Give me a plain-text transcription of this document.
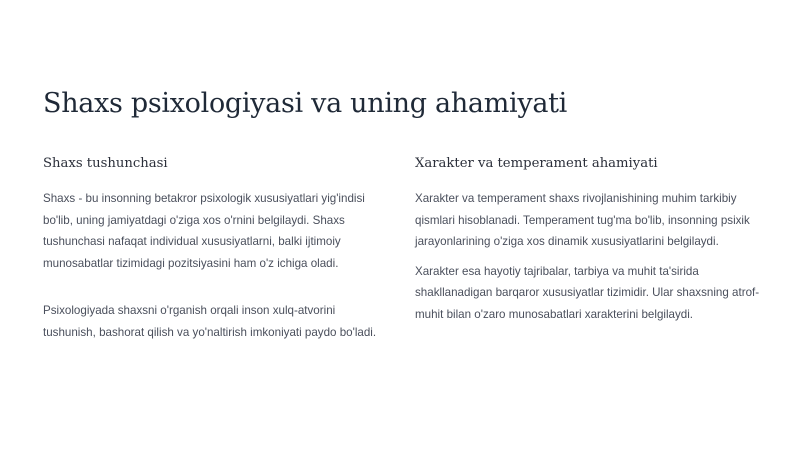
Shaxs psixologiyasi va uning ahamiyati
Shaxs tushunchasi

Shaxs - bu insonning betakror psixologik xususiyatlari yig'indisi bo'lib, uning jamiyatdagi o'ziga xos o'rnini belgilaydi. Shaxs tushunchasi nafaqat individual xususiyatlarni, balki ijtimoiy munosabatlar tizimidagi pozitsiyasini ham o'z ichiga oladi.

Psixologiyada shaxsni o'rganish orqali inson xulq-atvorini tushunish, bashorat qilish va yo'naltirish imkoniyati paydo bo'ladi.

Xarakter va temperament ahamiyati

Xarakter va temperament shaxs rivojlanishining muhim tarkibiy qismlari hisoblanadi. Temperament tug'ma bo'lib, insonning psixik jarayonlarining o'ziga xos dinamik xususiyatlarini belgilaydi.

Xarakter esa hayotiy tajribalar, tarbiya va muhit ta'sirida shakllanadigan barqaror xususiyatlar tizimidir. Ular shaxsning atrof-muhit bilan o'zaro munosabatlari xarakterini belgilaydi.
